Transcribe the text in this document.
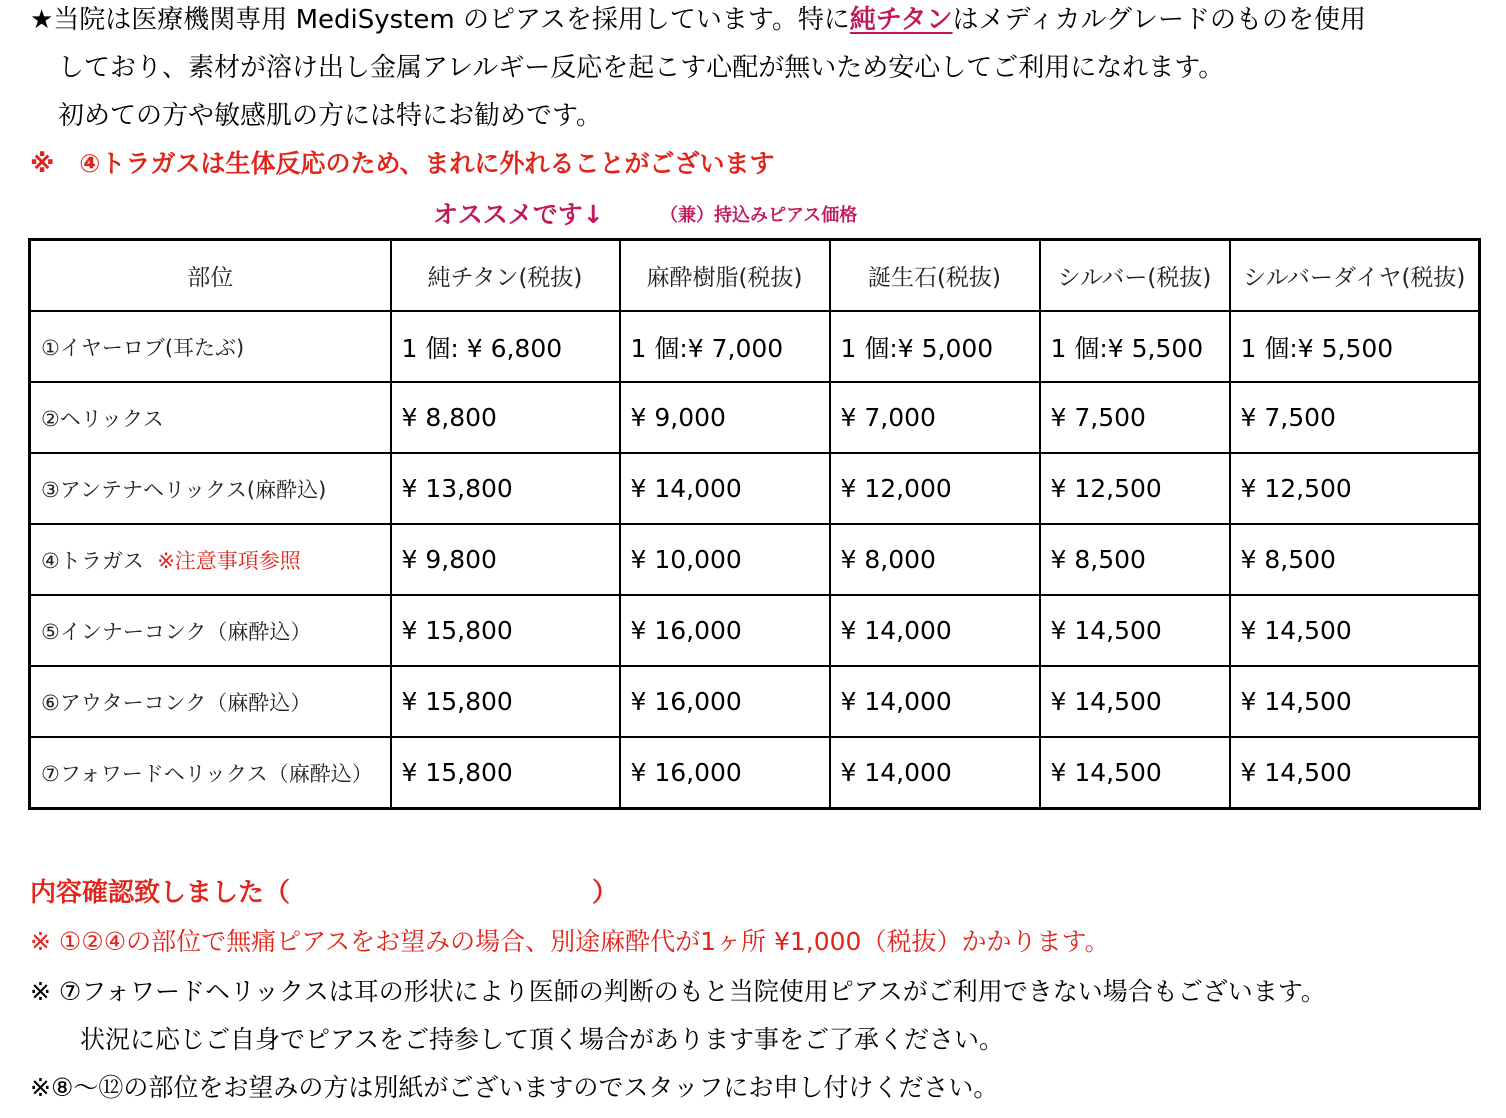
★当院は医療機関専用 MediSystem のピアスを採用しています。特に純チタンはメディカルグレードのものを使用
しており、素材が溶け出し金属アレルギー反応を起こす心配が無いため安心してご利用になれます。
初めての方や敏感肌の方には特にお勧めです。
※　④トラガスは生体反応のため、まれに外れることがございます
オススメです↓	（兼）持込みピアス価格
部位	純チタン(税抜)	麻酔樹脂(税抜)	誕生石(税抜)	シルバー(税抜)	シルバーダイヤ(税抜)
①イヤーロブ(耳たぶ)	1 個: ¥ 6,800	1 個:¥ 7,000	1 個:¥ 5,000	1 個:¥ 5,500	1 個:¥ 5,500
②ヘリックス	¥ 8,800	¥ 9,000	¥ 7,000	¥ 7,500	¥ 7,500
③アンテナヘリックス(麻酔込)	¥ 13,800	¥ 14,000	¥ 12,000	¥ 12,500	¥ 12,500
④トラガス ※注意事項参照	¥ 9,800	¥ 10,000	¥ 8,000	¥ 8,500	¥ 8,500
⑤インナーコンク（麻酔込）	¥ 15,800	¥ 16,000	¥ 14,000	¥ 14,500	¥ 14,500
⑥アウターコンク（麻酔込）	¥ 15,800	¥ 16,000	¥ 14,000	¥ 14,500	¥ 14,500
⑦フォワードヘリックス（麻酔込）	¥ 15,800	¥ 16,000	¥ 14,000	¥ 14,500	¥ 14,500
内容確認致しました（	）
※ ①②④の部位で無痛ピアスをお望みの場合、別途麻酔代が1ヶ所 ¥1,000（税抜）かかります。
※ ⑦フォワードヘリックスは耳の形状により医師の判断のもと当院使用ピアスがご利用できない場合もございます。
状況に応じご自身でピアスをご持参して頂く場合があります事をご了承ください。
※⑧～⑫の部位をお望みの方は別紙がございますのでスタッフにお申し付けください。
